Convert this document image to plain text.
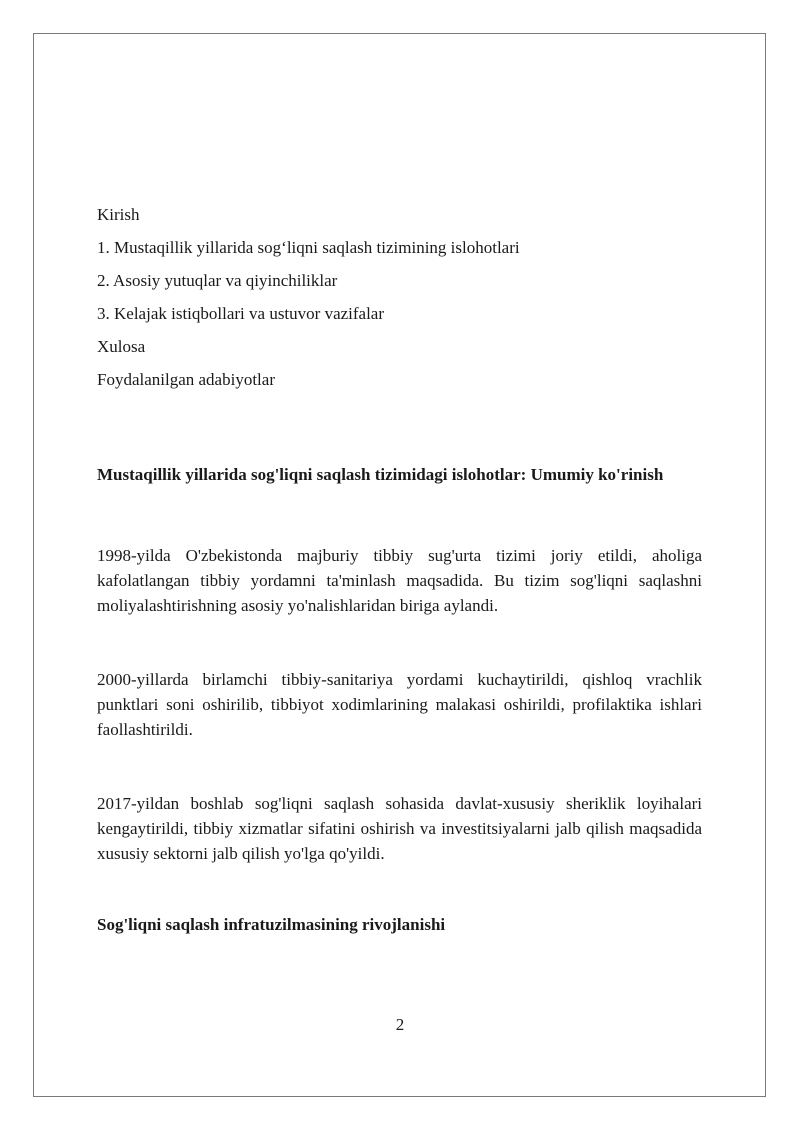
Kirish

1. Mustaqillik yillarida sog‘liqni saqlash tizimining islohotlari

2. Asosiy yutuqlar va qiyinchiliklar

3. Kelajak istiqbollari va ustuvor vazifalar

Xulosa

Foydalanilgan adabiyotlar

Mustaqillik yillarida sog'liqni saqlash tizimidagi islohotlar: Umumiy ko'rinish

1998-yilda O'zbekistonda majburiy tibbiy sug'urta tizimi joriy etildi, aholiga kafolatlangan tibbiy yordamni ta'minlash maqsadida. Bu tizim sog'liqni saqlashni moliyalashtirishning asosiy yo'nalishlaridan biriga aylandi.

2000-yillarda birlamchi tibbiy-sanitariya yordami kuchaytirildi, qishloq vrachlik punktlari soni oshirilib, tibbiyot xodimlarining malakasi oshirildi, profilaktika ishlari faollashtirildi.

2017-yildan boshlab sog'liqni saqlash sohasida davlat-xususiy sheriklik loyihalari kengaytirildi, tibbiy xizmatlar sifatini oshirish va investitsiyalarni jalb qilish maqsadida xususiy sektorni jalb qilish yo'lga qo'yildi.

Sog'liqni saqlash infratuzilmasining rivojlanishi
2
